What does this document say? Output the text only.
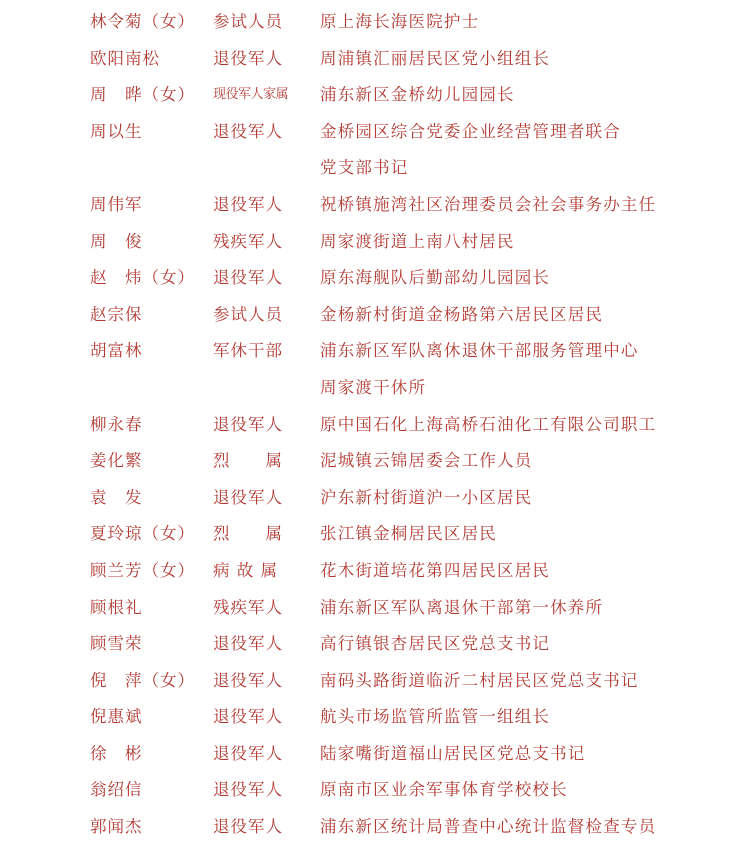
林令菊（女）	参试人员	原上海长海医院护士
欧阳南松	退役军人	周浦镇汇丽居民区党小组组长
周　晔（女）	现役军人家属	浦东新区金桥幼儿园园长
周以生	退役军人	金桥园区综合党委企业经营管理者联合
党支部书记
周伟军	退役军人	祝桥镇施湾社区治理委员会社会事务办主任
周　俊	残疾军人	周家渡街道上南八村居民
赵　炜（女）	退役军人	原东海舰队后勤部幼儿园园长
赵宗保	参试人员	金杨新村街道金杨路第六居民区居民
胡富林	军休干部	浦东新区军队离休退休干部服务管理中心
周家渡干休所
柳永春	退役军人	原中国石化上海高桥石油化工有限公司职工
姜化繁	烈　　属	泥城镇云锦居委会工作人员
袁　发	退役军人	沪东新村街道沪一小区居民
夏玲琼（女）	烈　　属	张江镇金桐居民区居民
顾兰芳（女）	病 故 属	花木街道培花第四居民区居民
顾根礼	残疾军人	浦东新区军队离退休干部第一休养所
顾雪荣	退役军人	高行镇银杏居民区党总支书记
倪　萍（女）	退役军人	南码头路街道临沂二村居民区党总支书记
倪惠斌	退役军人	航头市场监管所监管一组组长
徐　彬	退役军人	陆家嘴街道福山居民区党总支书记
翁绍信	退役军人	原南市区业余军事体育学校校长
郭闻杰	退役军人	浦东新区统计局普查中心统计监督检查专员
